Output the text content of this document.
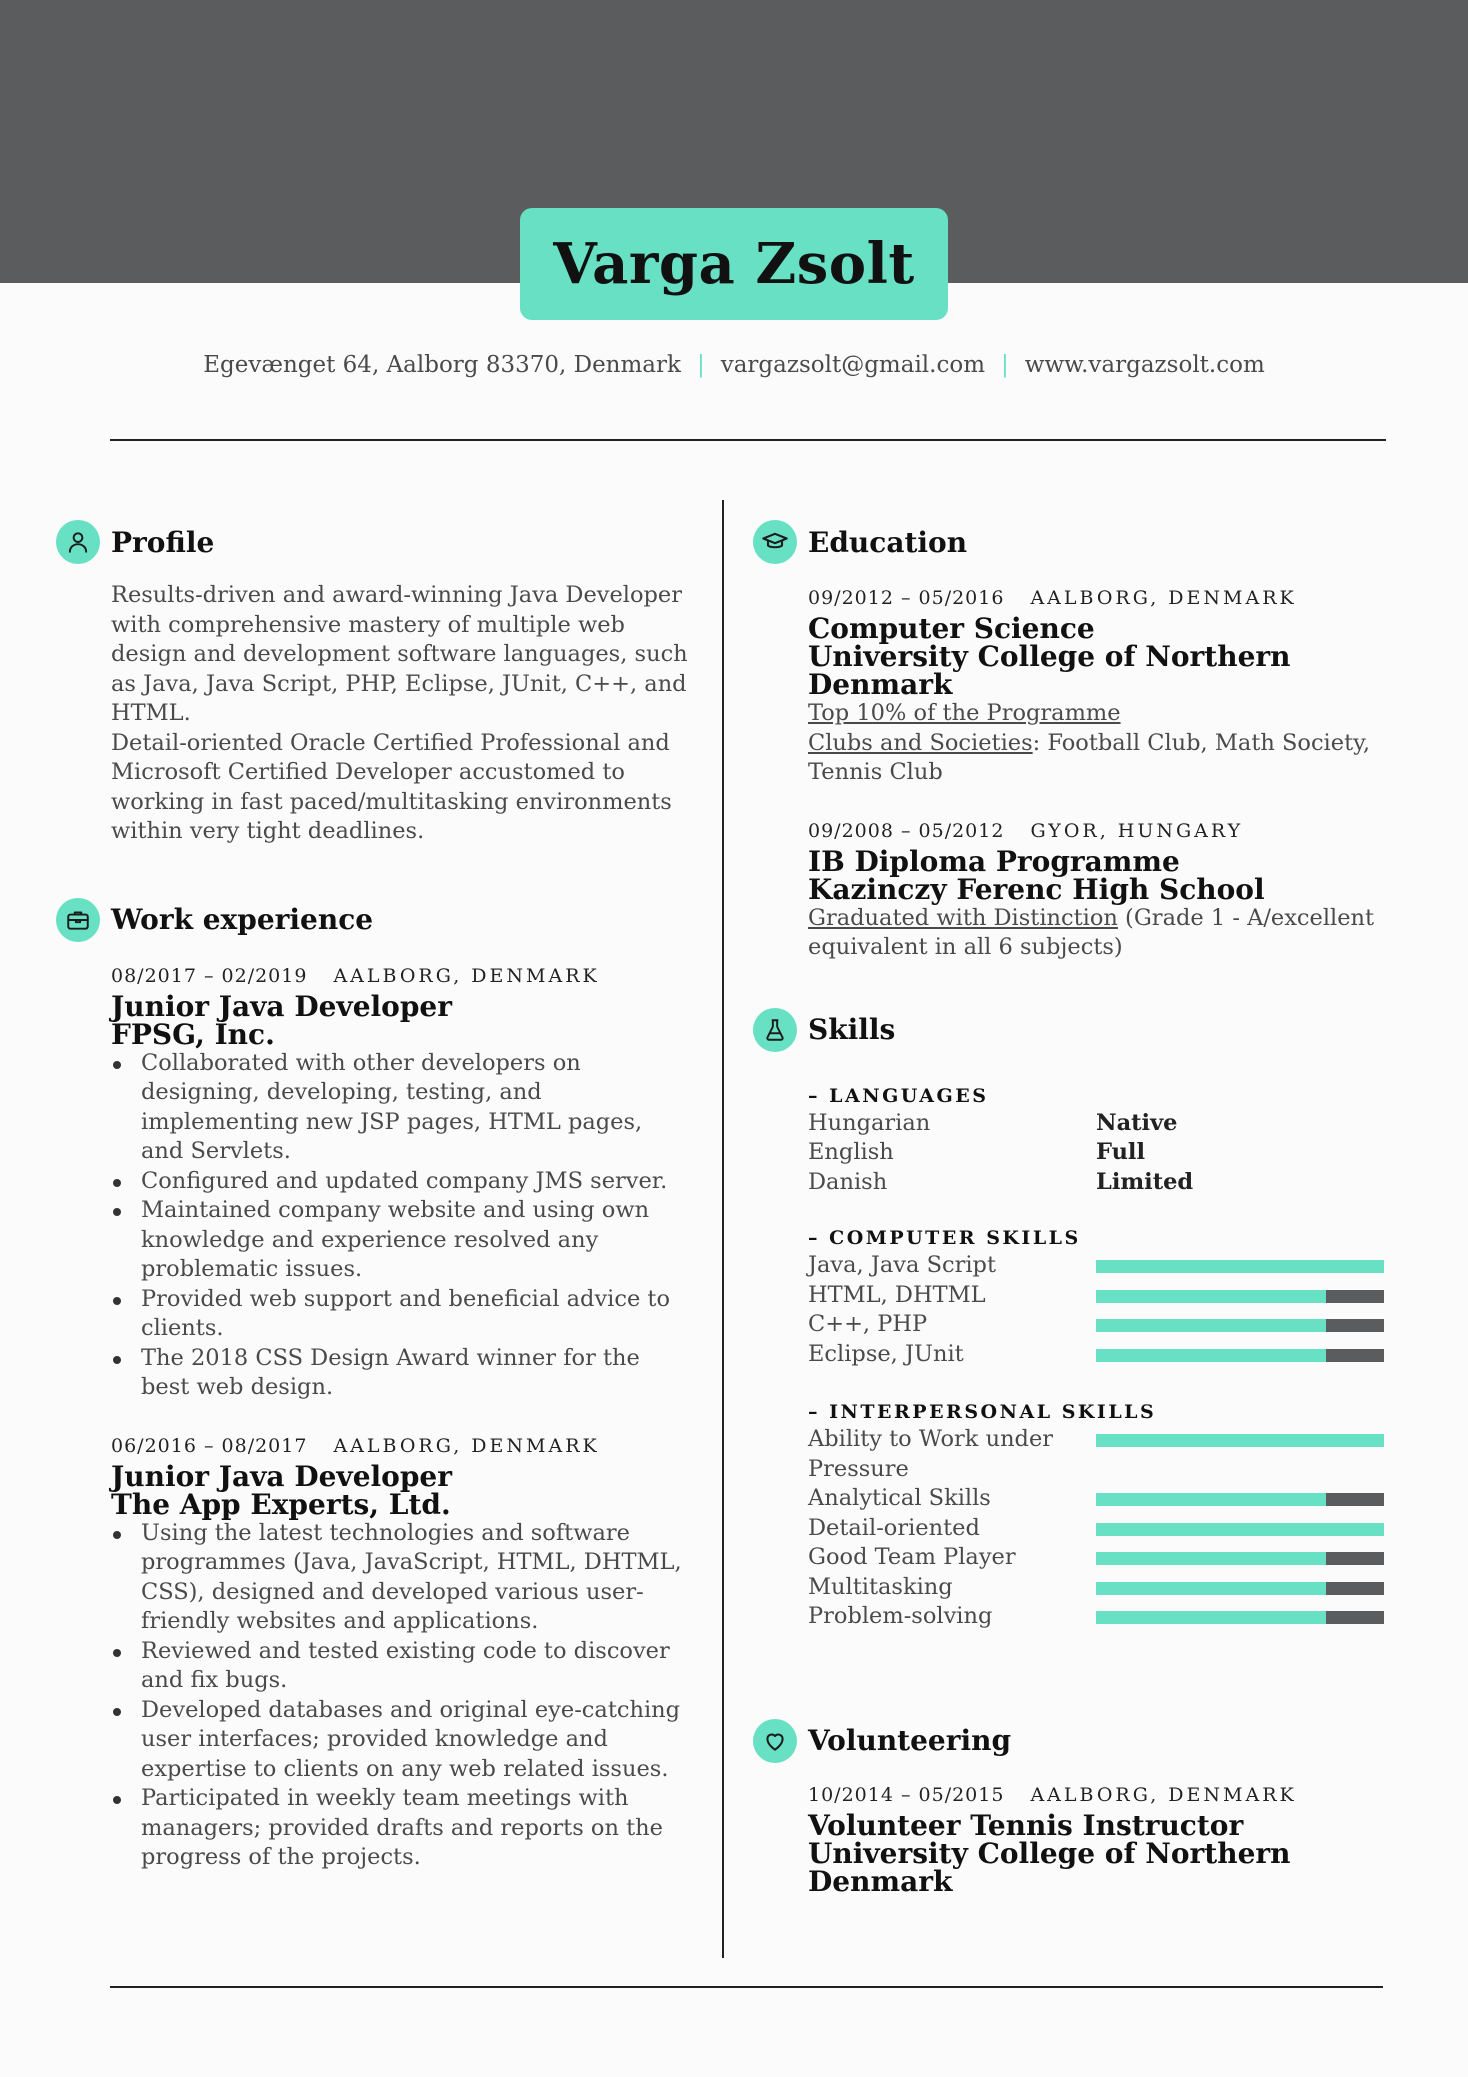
Varga Zsolt
Egevænget 64, Aalborg 83370, Denmark | vargazsolt@gmail.com | www.vargazsolt.com
Profile

Results-driven and award-winning Java Developer with comprehensive mastery of multiple web design and development software languages, such as Java, Java Script, PHP, Eclipse, JUnit, C++, and HTML.

Detail-oriented Oracle Certified Professional and Microsoft Certified Developer accustomed to working in fast paced/multitasking environments within very tight deadlines.

Work experience
08/2017 – 02/2019 AALBORG, DENMARK
Junior Java Developer
FPSG, Inc.
Collaborated with other developers on designing, developing, testing, and implementing new JSP pages, HTML pages, and Servlets.
Configured and updated company JMS server.
Maintained company website and using own knowledge and experience resolved any problematic issues.
Provided web support and beneficial advice to clients.
The 2018 CSS Design Award winner for the best web design.
06/2016 – 08/2017 AALBORG, DENMARK
Junior Java Developer
The App Experts, Ltd.
Using the latest technologies and software programmes (Java, JavaScript, HTML, DHTML, CSS), designed and developed various user-friendly websites and applications.
Reviewed and tested existing code to discover and fix bugs.
Developed databases and original eye-catching user interfaces; provided knowledge and expertise to clients on any web related issues.
Participated in weekly team meetings with managers; provided drafts and reports on the progress of the projects.
Education
09/2012 – 05/2016 AALBORG, DENMARK
Computer Science
University College of Northern Denmark

Top 10% of the Programme

Clubs and Societies: Football Club, Math Society, Tennis Club

09/2008 – 05/2012 GYOR, HUNGARY
IB Diploma Programme
Kazinczy Ferenc High School

Graduated with Distinction (Grade 1 - A/excellent equivalent in all 6 subjects)

Skills
– LANGUAGES
Hungarian	Native
English	Full
Danish	Limited
– COMPUTER SKILLS
Java, Java Script
HTML, DHTML
C++, PHP
Eclipse, JUnit
– INTERPERSONAL SKILLS
Ability to Work under Pressure
Analytical Skills
Detail-oriented
Good Team Player
Multitasking
Problem-solving
Volunteering
10/2014 – 05/2015 AALBORG, DENMARK
Volunteer Tennis Instructor
University College of Northern Denmark
